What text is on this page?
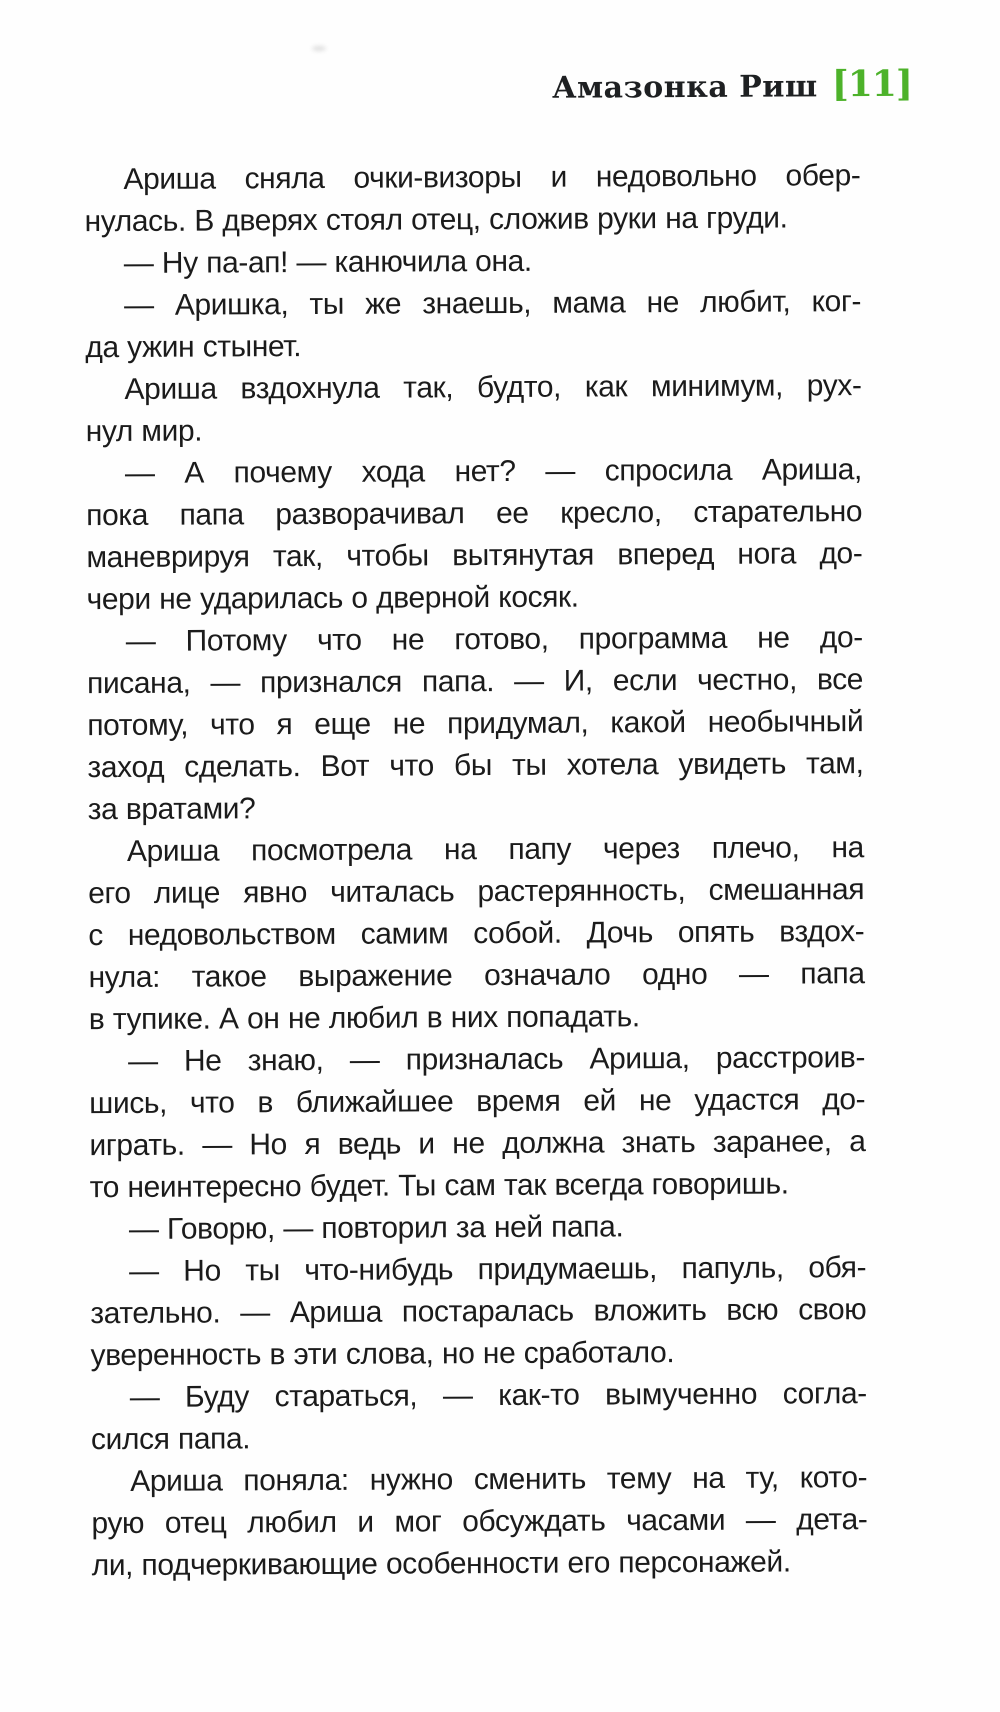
Амазонка Риш [11]
Ариша сняла очки-визоры и недовольно обер-
нулась. В дверях стоял отец, сложив руки на груди.
— Ну па-ап! — канючила она.
— Аришка, ты же знаешь, мама не любит, ког-
да ужин стынет.
Ариша вздохнула так, будто, как минимум, рух-
нул мир.
— А почему хода нет? — спросила Ариша,
пока папа разворачивал ее кресло, старательно
маневрируя так, чтобы вытянутая вперед нога до-
чери не ударилась о дверной косяк.
— Потому что не готово, программа не до-
писана, — признался папа. — И, если честно, все
потому, что я еще не придумал, какой необычный
заход сделать. Вот что бы ты хотела увидеть там,
за вратами?
Ариша посмотрела на папу через плечо, на
его лице явно читалась растерянность, смешанная
с недовольством самим собой. Дочь опять вздох-
нула: такое выражение означало одно — папа
в тупике. А он не любил в них попадать.
— Не знаю, — призналась Ариша, расстроив-
шись, что в ближайшее время ей не удастся до-
играть. — Но я ведь и не должна знать заранее, а
то неинтересно будет. Ты сам так всегда говоришь.
— Говорю, — повторил за ней папа.
— Но ты что-нибудь придумаешь, папуль, обя-
зательно. — Ариша постаралась вложить всю свою
уверенность в эти слова, но не сработало.
— Буду стараться, — как-то вымученно согла-
сился папа.
Ариша поняла: нужно сменить тему на ту, кото-
рую отец любил и мог обсуждать часами — дета-
ли, подчеркивающие особенности его персонажей.
